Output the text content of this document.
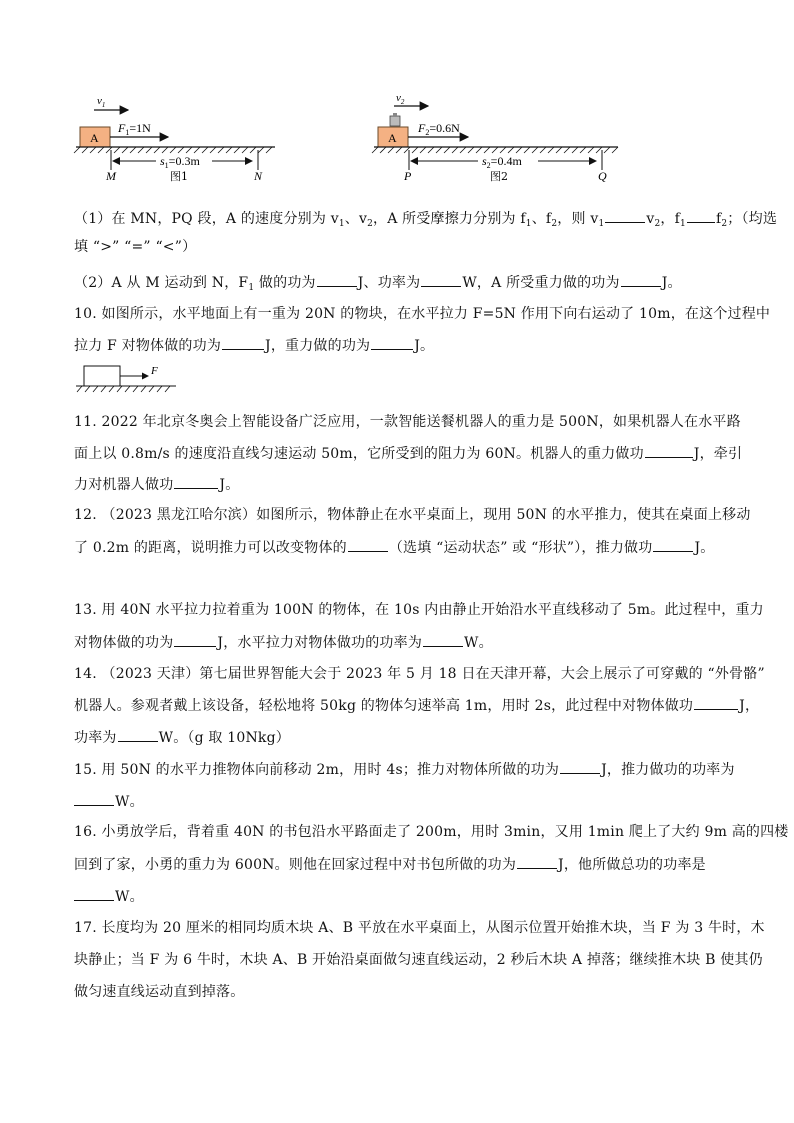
$v_1$
A
$F_1=1N$
$s_1=0.3m$
M	N
图1
$v_2$
A
$F_2=0.6N$
$s_2=0.4m$
P	Q
图2
（1）在 MN，PQ 段，A 的速度分别为 $v_1$、$v_2$，A 所受摩擦力分别为 $f_1$、$f_2$，则 $v_1$	$v_2$，$f_1$ $f_2$；（均选
填 “>” “=” “<”）
（2）A 从 M 运动到 N，$F_1$ 做的功为	J、功率为	W，A 所受重力做的功为	J。
10. 如图所示，水平地面上有一重为 20N 的物块，在水平拉力 F=5N 作用下向右运动了 10m，在这个过程中
拉力 F 对物体做的功为	J，重力做的功为	J。
F
11. 2022 年北京冬奥会上智能设备广泛应用，一款智能送餐机器人的重力是 500N，如果机器人在水平路
面上以 0.8m/s 的速度沿直线匀速运动 50m，它所受到的阻力为 60N。机器人的重力做功	J，牵引
力对机器人做功	J。
12. （2023 黑龙江哈尔滨）如图所示，物体静止在水平桌面上，现用 50N 的水平推力，使其在桌面上移动
了 0.2m 的距离，说明推力可以改变物体的	（选填 “运动状态” 或 “形状”），推力做功	J。
13. 用 40N 水平拉力拉着重为 100N 的物体，在 10s 内由静止开始沿水平直线移动了 5m。此过程中，重力
对物体做的功为	J，水平拉力对物体做功的功率为	W。
14. （2023 天津）第七届世界智能大会于 2023 年 5 月 18 日在天津开幕，大会上展示了可穿戴的 “外骨骼”
机器人。参观者戴上该设备，轻松地将 50kg 的物体匀速举高 1m，用时 2s，此过程中对物体做功	J，
功率为	W。（g 取 10Nkg）
15. 用 50N 的水平力推物体向前移动 2m，用时 4s；推力对物体所做的功为	J，推力做功的功率为
W。
16. 小勇放学后，背着重 40N 的书包沿水平路面走了 200m，用时 3min，又用 1min 爬上了大约 9m 高的四楼
回到了家，小勇的重力为 600N。则他在回家过程中对书包所做的功为	J，他所做总功的功率是
W。
17. 长度均为 20 厘米的相同均质木块 A、B 平放在水平桌面上，从图示位置开始推木块，当 F 为 3 牛时，木
块静止；当 F 为 6 牛时，木块 A、B 开始沿桌面做匀速直线运动，2 秒后木块 A 掉落；继续推木块 B 使其仍
做匀速直线运动直到掉落。
